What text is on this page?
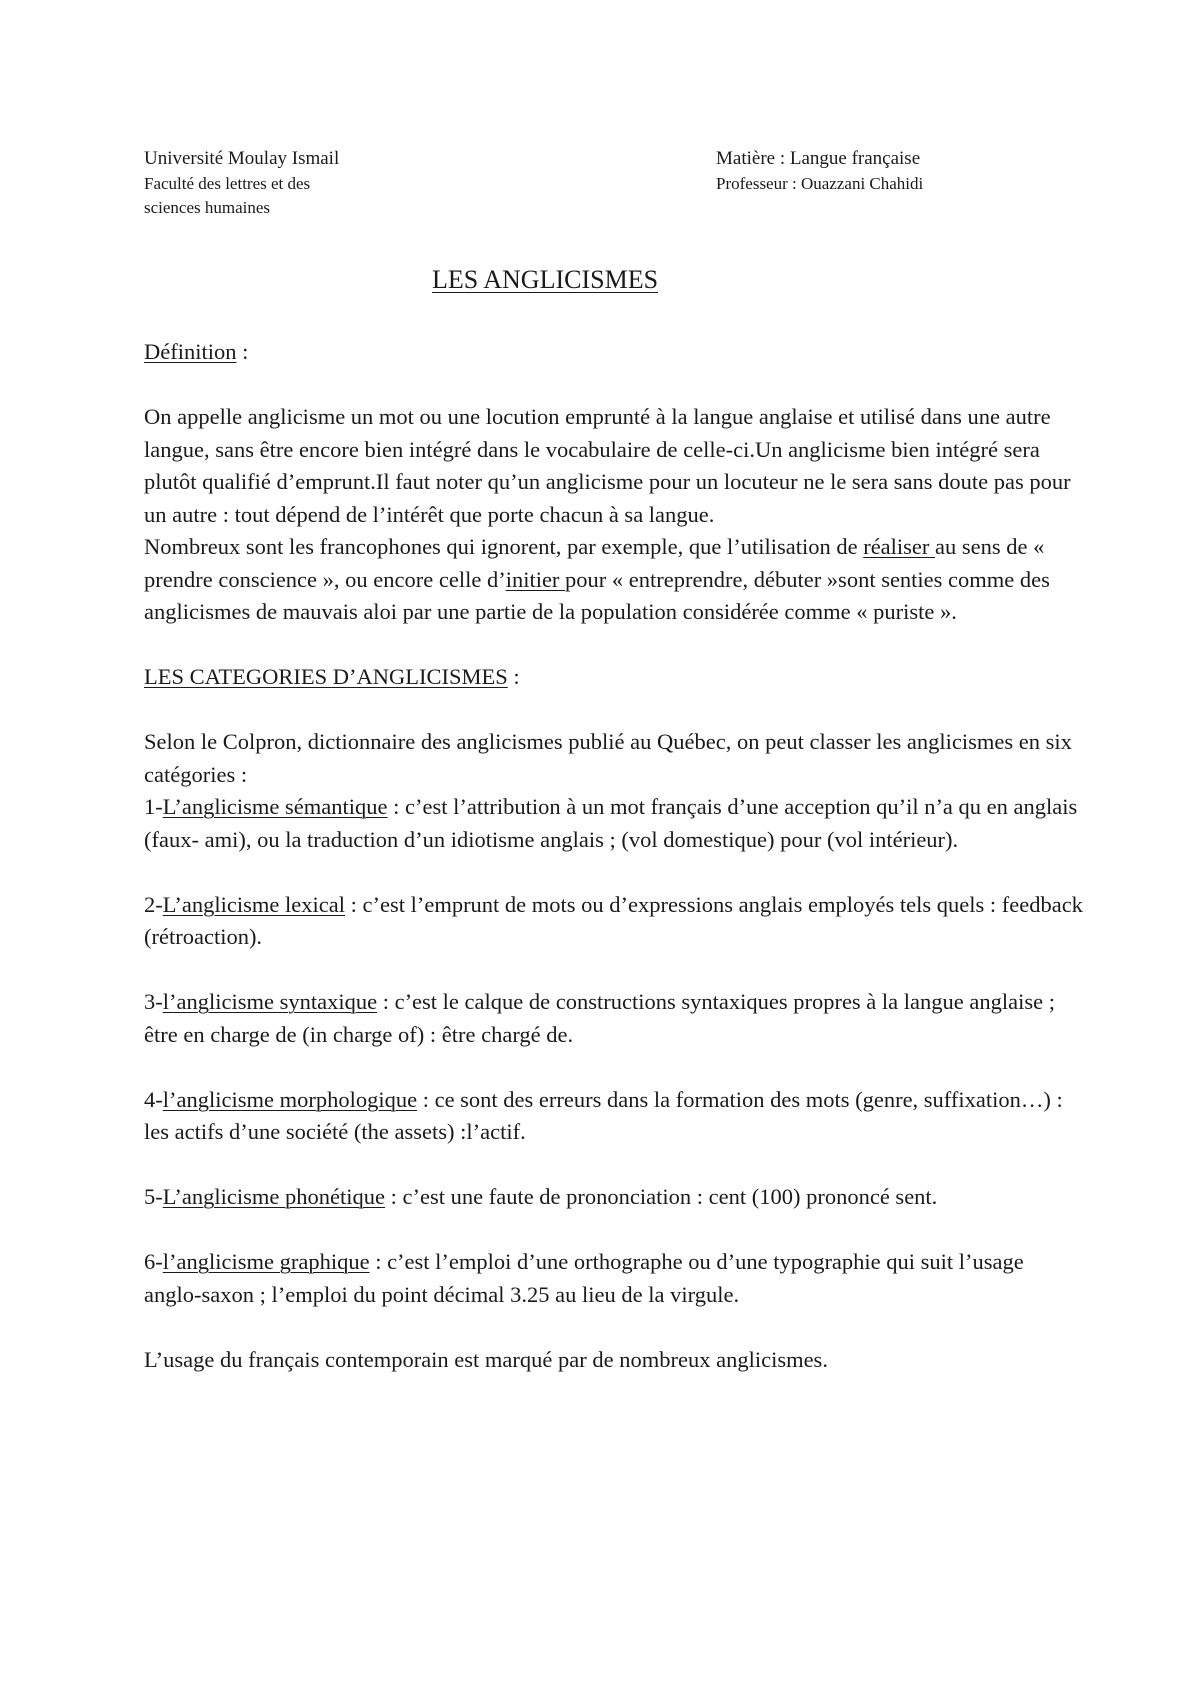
Université Moulay Ismail
Faculté des lettres et des
sciences humaines
Matière : Langue française
Professeur : Ouazzani Chahidi
LES ANGLICISMES

Définition :

On appelle anglicisme un mot ou une locution emprunté à la langue anglaise et utilisé dans une autre langue, sans être encore bien intégré dans le vocabulaire de celle-ci.Un anglicisme bien intégré sera plutôt qualifié d’emprunt.Il faut noter qu’un anglicisme pour un locuteur ne le sera sans doute pas pour un autre : tout dépend de l’intérêt que porte chacun à sa langue.

Nombreux sont les francophones qui ignorent, par exemple, que l’utilisation de réaliser au sens de « prendre conscience », ou encore celle d’initier pour « entreprendre, débuter »sont senties comme des anglicismes de mauvais aloi par une partie de la population considérée comme « puriste ».

LES CATEGORIES D’ANGLICISMES :

Selon le Colpron, dictionnaire des anglicismes publié au Québec, on peut classer les anglicismes en six catégories :

1-L’anglicisme sémantique : c’est l’attribution à un mot français d’une acception qu’il n’a qu en anglais (faux- ami), ou la traduction d’un idiotisme anglais ; (vol domestique) pour (vol intérieur).

2-L’anglicisme lexical : c’est l’emprunt de mots ou d’expressions anglais employés tels quels : feedback (rétroaction).

3-l’anglicisme syntaxique : c’est le calque de constructions syntaxiques propres à la langue anglaise ; être en charge de (in charge of) : être chargé de.

4-l’anglicisme morphologique : ce sont des erreurs dans la formation des mots (genre, suffixation…) : les actifs d’une société (the assets) :l’actif.

5-L’anglicisme phonétique : c’est une faute de prononciation : cent (100) prononcé sent.

6-l’anglicisme graphique : c’est l’emploi d’une orthographe ou d’une typographie qui suit l’usage anglo-saxon ; l’emploi du point décimal 3.25 au lieu de la virgule.

L’usage du français contemporain est marqué par de nombreux anglicismes.
